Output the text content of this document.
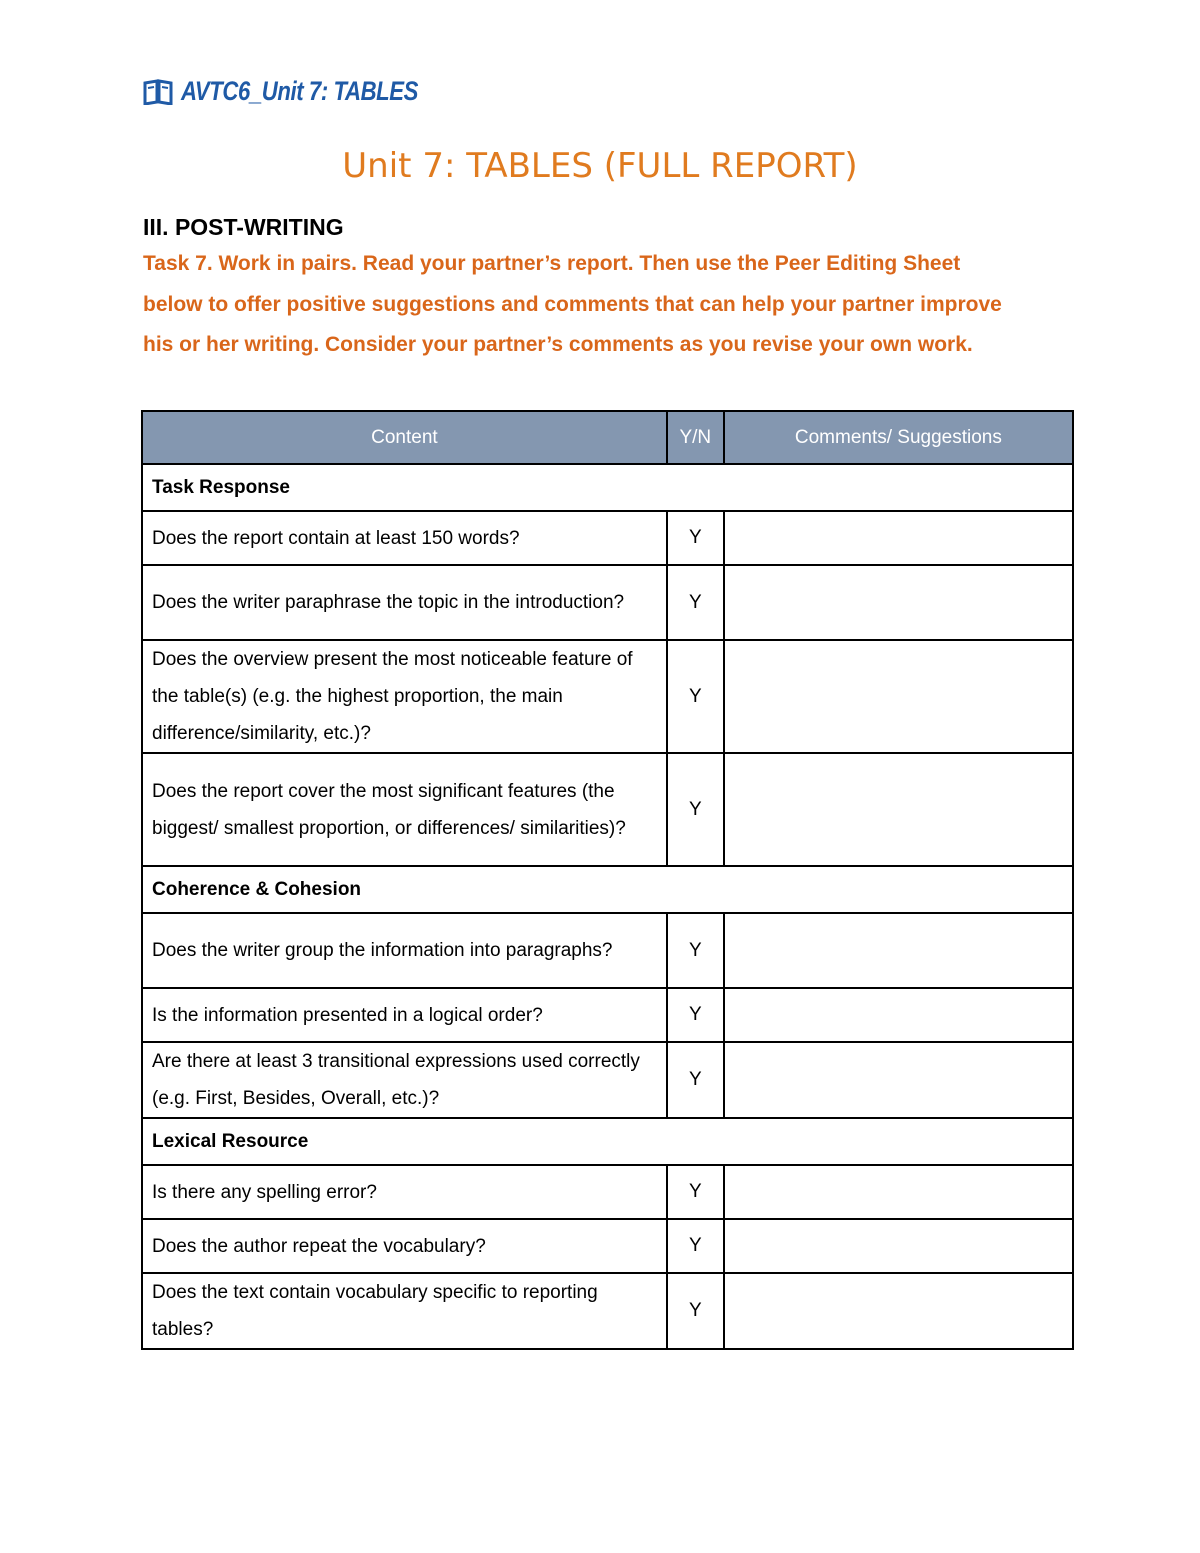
AVTC6_Unit 7: TABLES
Unit 7: TABLES (FULL REPORT)
III. POST-WRITING
Task 7. Work in pairs. Read your partner’s report. Then use the Peer Editing Sheet below to offer positive suggestions and comments that can help your partner improve his or her writing. Consider your partner’s comments as you revise your own work.
Content	Y/N	Comments/ Suggestions
Task Response		
Does the report contain at least 150 words?	Y	
Does the writer paraphrase the topic in the introduction?	Y	
Does the overview present the most noticeable feature of the table(s) (e.g. the highest proportion, the main difference/similarity, etc.)?	Y	
Does the report cover the most significant features (the biggest/ smallest proportion, or differences/ similarities)?	Y	
Coherence & Cohesion		
Does the writer group the information into paragraphs?	Y	
Is the information presented in a logical order?	Y	
Are there at least 3 transitional expressions used correctly (e.g. First, Besides, Overall, etc.)?	Y	
Lexical Resource		
Is there any spelling error?	Y	
Does the author repeat the vocabulary?	Y	
Does the text contain vocabulary specific to reporting tables?	Y	
